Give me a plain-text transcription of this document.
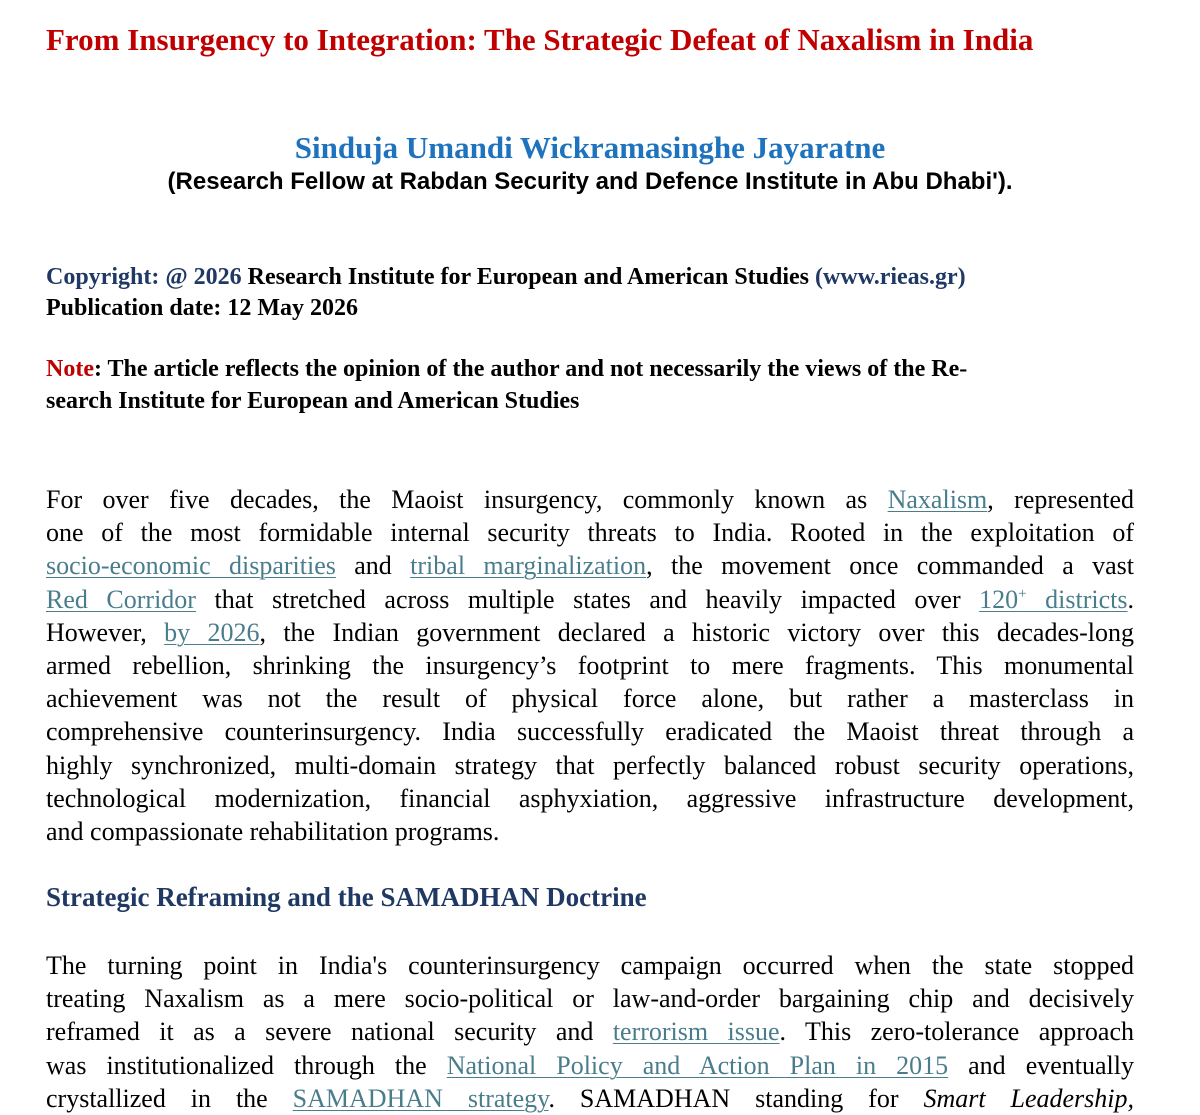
From Insurgency to Integration: The Strategic Defeat of Naxalism in India
Sinduja Umandi Wickramasinghe Jayaratne
(Research Fellow at Rabdan Security and Defence Institute in Abu Dhabi').
Copyright: @ 2026 Research Institute for European and American Studies (www.rieas.gr)
Publication date: 12 May 2026
Note: The article reflects the opinion of the author and not necessarily the views of the Re-
search Institute for European and American Studies
For over five decades, the Maoist insurgency, commonly known as Naxalism, represented
one of the most formidable internal security threats to India. Rooted in the exploitation of
socio-economic disparities and tribal marginalization, the movement once commanded a vast
Red Corridor that stretched across multiple states and heavily impacted over 120+ districts.
However, by 2026, the Indian government declared a historic victory over this decades-long
armed rebellion, shrinking the insurgency’s footprint to mere fragments. This monumental
achievement was not the result of physical force alone, but rather a masterclass in
comprehensive counterinsurgency. India successfully eradicated the Maoist threat through a
highly synchronized, multi-domain strategy that perfectly balanced robust security operations,
technological modernization, financial asphyxiation, aggressive infrastructure development,
and compassionate rehabilitation programs.
Strategic Reframing and the SAMADHAN Doctrine
The turning point in India's counterinsurgency campaign occurred when the state stopped
treating Naxalism as a mere socio-political or law-and-order bargaining chip and decisively
reframed it as a severe national security and terrorism issue. This zero-tolerance approach
was institutionalized through the National Policy and Action Plan in 2015 and eventually
crystallized in the SAMADHAN strategy. SAMADHAN standing for Smart Leadership,
